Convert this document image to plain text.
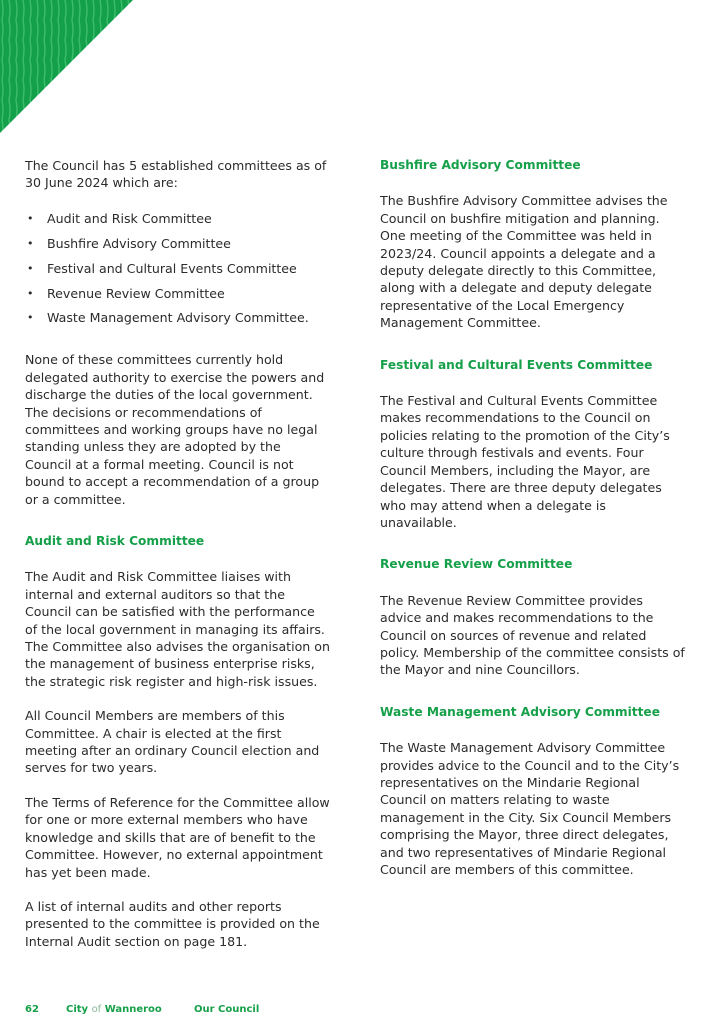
The Council has 5 established committees as of 30 June 2024 which are:

• Audit and Risk Committee
• Bushfire Advisory Committee
• Festival and Cultural Events Committee
• Revenue Review Committee
• Waste Management Advisory Committee.

None of these committees currently hold delegated authority to exercise the powers and discharge the duties of the local government. The decisions or recommendations of committees and working groups have no legal standing unless they are adopted by the Council at a formal meeting. Council is not bound to accept a recommendation of a group or a committee.

Audit and Risk Committee

The Audit and Risk Committee liaises with internal and external auditors so that the Council can be satisfied with the performance of the local government in managing its affairs. The Committee also advises the organisation on the management of business enterprise risks, the strategic risk register and high-risk issues.

All Council Members are members of this Committee. A chair is elected at the first meeting after an ordinary Council election and serves for two years.

The Terms of Reference for the Committee allow for one or more external members who have knowledge and skills that are of benefit to the Committee. However, no external appointment has yet been made.

A list of internal audits and other reports presented to the committee is provided on the Internal Audit section on page 181.

Bushfire Advisory Committee

The Bushfire Advisory Committee advises the Council on bushfire mitigation and planning. One meeting of the Committee was held in 2023/24. Council appoints a delegate and a deputy delegate directly to this Committee, along with a delegate and deputy delegate representative of the Local Emergency Management Committee.

Festival and Cultural Events Committee

The Festival and Cultural Events Committee makes recommendations to the Council on policies relating to the promotion of the City’s culture through festivals and events. Four Council Members, including the Mayor, are delegates. There are three deputy delegates who may attend when a delegate is unavailable.

Revenue Review Committee

The Revenue Review Committee provides advice and makes recommendations to the Council on sources of revenue and related policy. Membership of the committee consists of the Mayor and nine Councillors.

Waste Management Advisory Committee

The Waste Management Advisory Committee provides advice to the Council and to the City’s representatives on the Mindarie Regional Council on matters relating to waste management in the City. Six Council Members comprising the Mayor, three direct delegates, and two representatives of Mindarie Regional Council are members of this committee.

62	City of Wanneroo	Our Council
